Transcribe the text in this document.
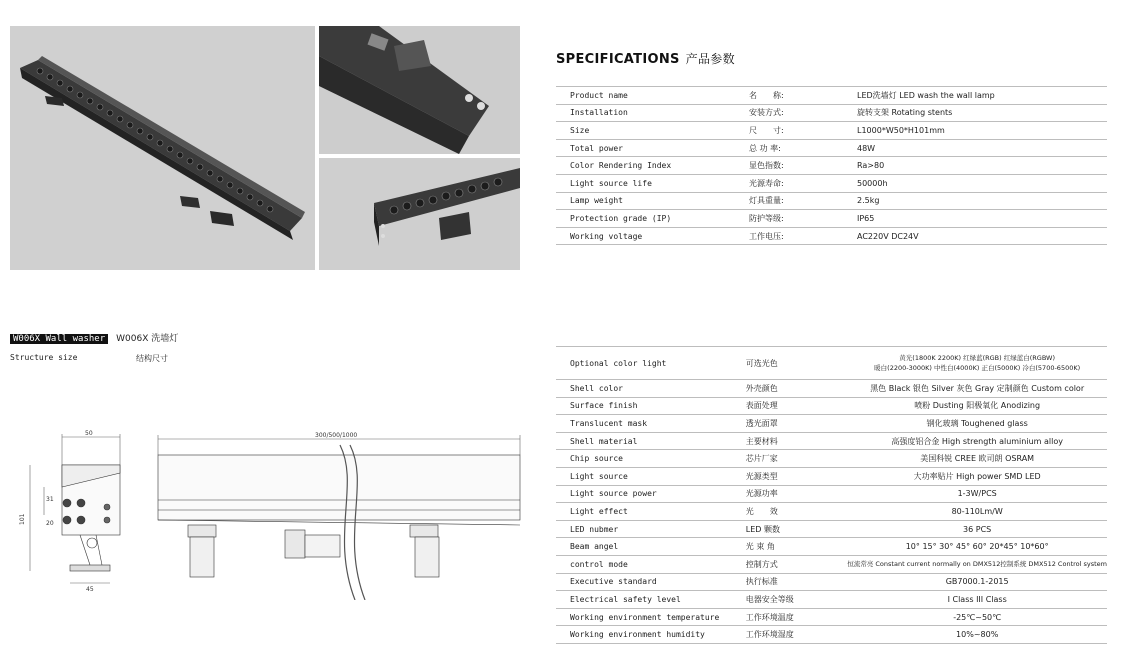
SPECIFICATIONS 产品参数
Product name	名　　称:	LED洗墙灯 LED wash the wall lamp
Installation	安装方式:	旋转支架 Rotating stents
Size	尺　　寸:	L1000*W50*H101mm
Total power	总 功 率:	48W
Color Rendering Index	显色指数:	Ra>80
Light source life	光源寿命:	50000h
Lamp weight	灯具重量:	2.5kg
Protection grade (IP)	防护等级:	IP65
Working voltage	工作电压:	AC220V DC24V
W006X Wall washer W006X 洗墙灯
Structure size	结构尺寸
50
45
101
31
20
300/500/1000
Optional color light	可选光色	黄光(1800K 2200K) 红绿蓝(RGB) 红绿蓝白(RGBW)
暖白(2200-3000K) 中性白(4000K) 正白(5000K) 冷白(5700-6500K)

Shell color	外壳颜色	黑色 Black 银色 Silver 灰色 Gray 定制颜色 Custom color
Surface finish	表面处理	喷粉 Dusting 阳极氧化 Anodizing
Translucent mask	透光面罩	钢化玻璃 Toughened glass
Shell material	主要材料	高强度铝合金 High strength aluminium alloy
Chip source	芯片厂家	美国科锐 CREE 欧司朗 OSRAM
Light source	光源类型	大功率贴片 High power SMD LED
Light source power	光源功率	1-3W/PCS
Light effect	光　　效	80-110Lm/W
LED nubmer	LED 颗数	36 PCS
Beam angel	光 束 角	10° 15° 30° 45° 60° 20*45° 10*60°
control mode	控制方式	恒流常亮 Constant current normally on DMX512控制系统 DMX512 Control system
Executive standard	执行标准	GB7000.1-2015
Electrical safety level	电器安全等级	I Class III Class
Working environment temperature	工作环境温度	-25℃~50℃
Working environment humidity	工作环境湿度	10%~80%
